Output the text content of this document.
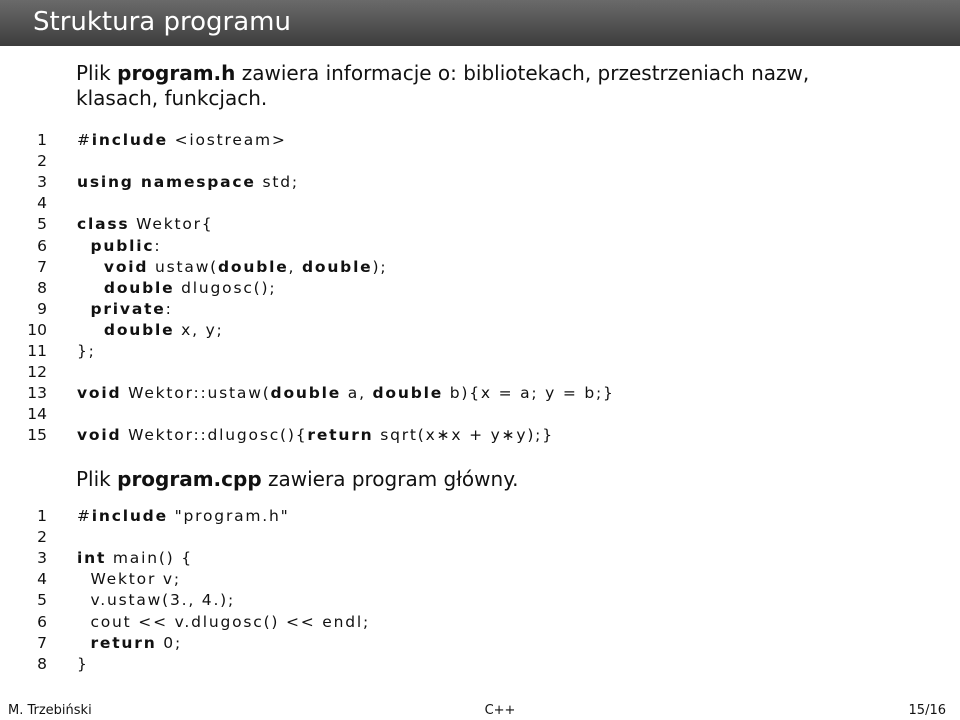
Struktura programu
Plik program.h zawiera informacje o: bibliotekach, przestrzeniach nazw,
klasach, funkcjach.
1 #include <iostream>
2
3 using namespace std;
4
5 class Wektor{
6	public:
7	void ustaw(double, double);
8	double dlugosc();
9	private:
10	double x, y;
11 };
12
13 void Wektor::ustaw(double a, double b){x = a; y = b;}
14
15 void Wektor::dlugosc(){return sqrt(x∗x + y∗y);}
Plik program.cpp zawiera program główny.
1 #include "program.h"
2
3 int main() {
4 Wektor v;
5 v.ustaw(3., 4.);
6 cout << v.dlugosc() << endl;
7	return 0;
8 }
M. Trzebiński	C++	15/16
